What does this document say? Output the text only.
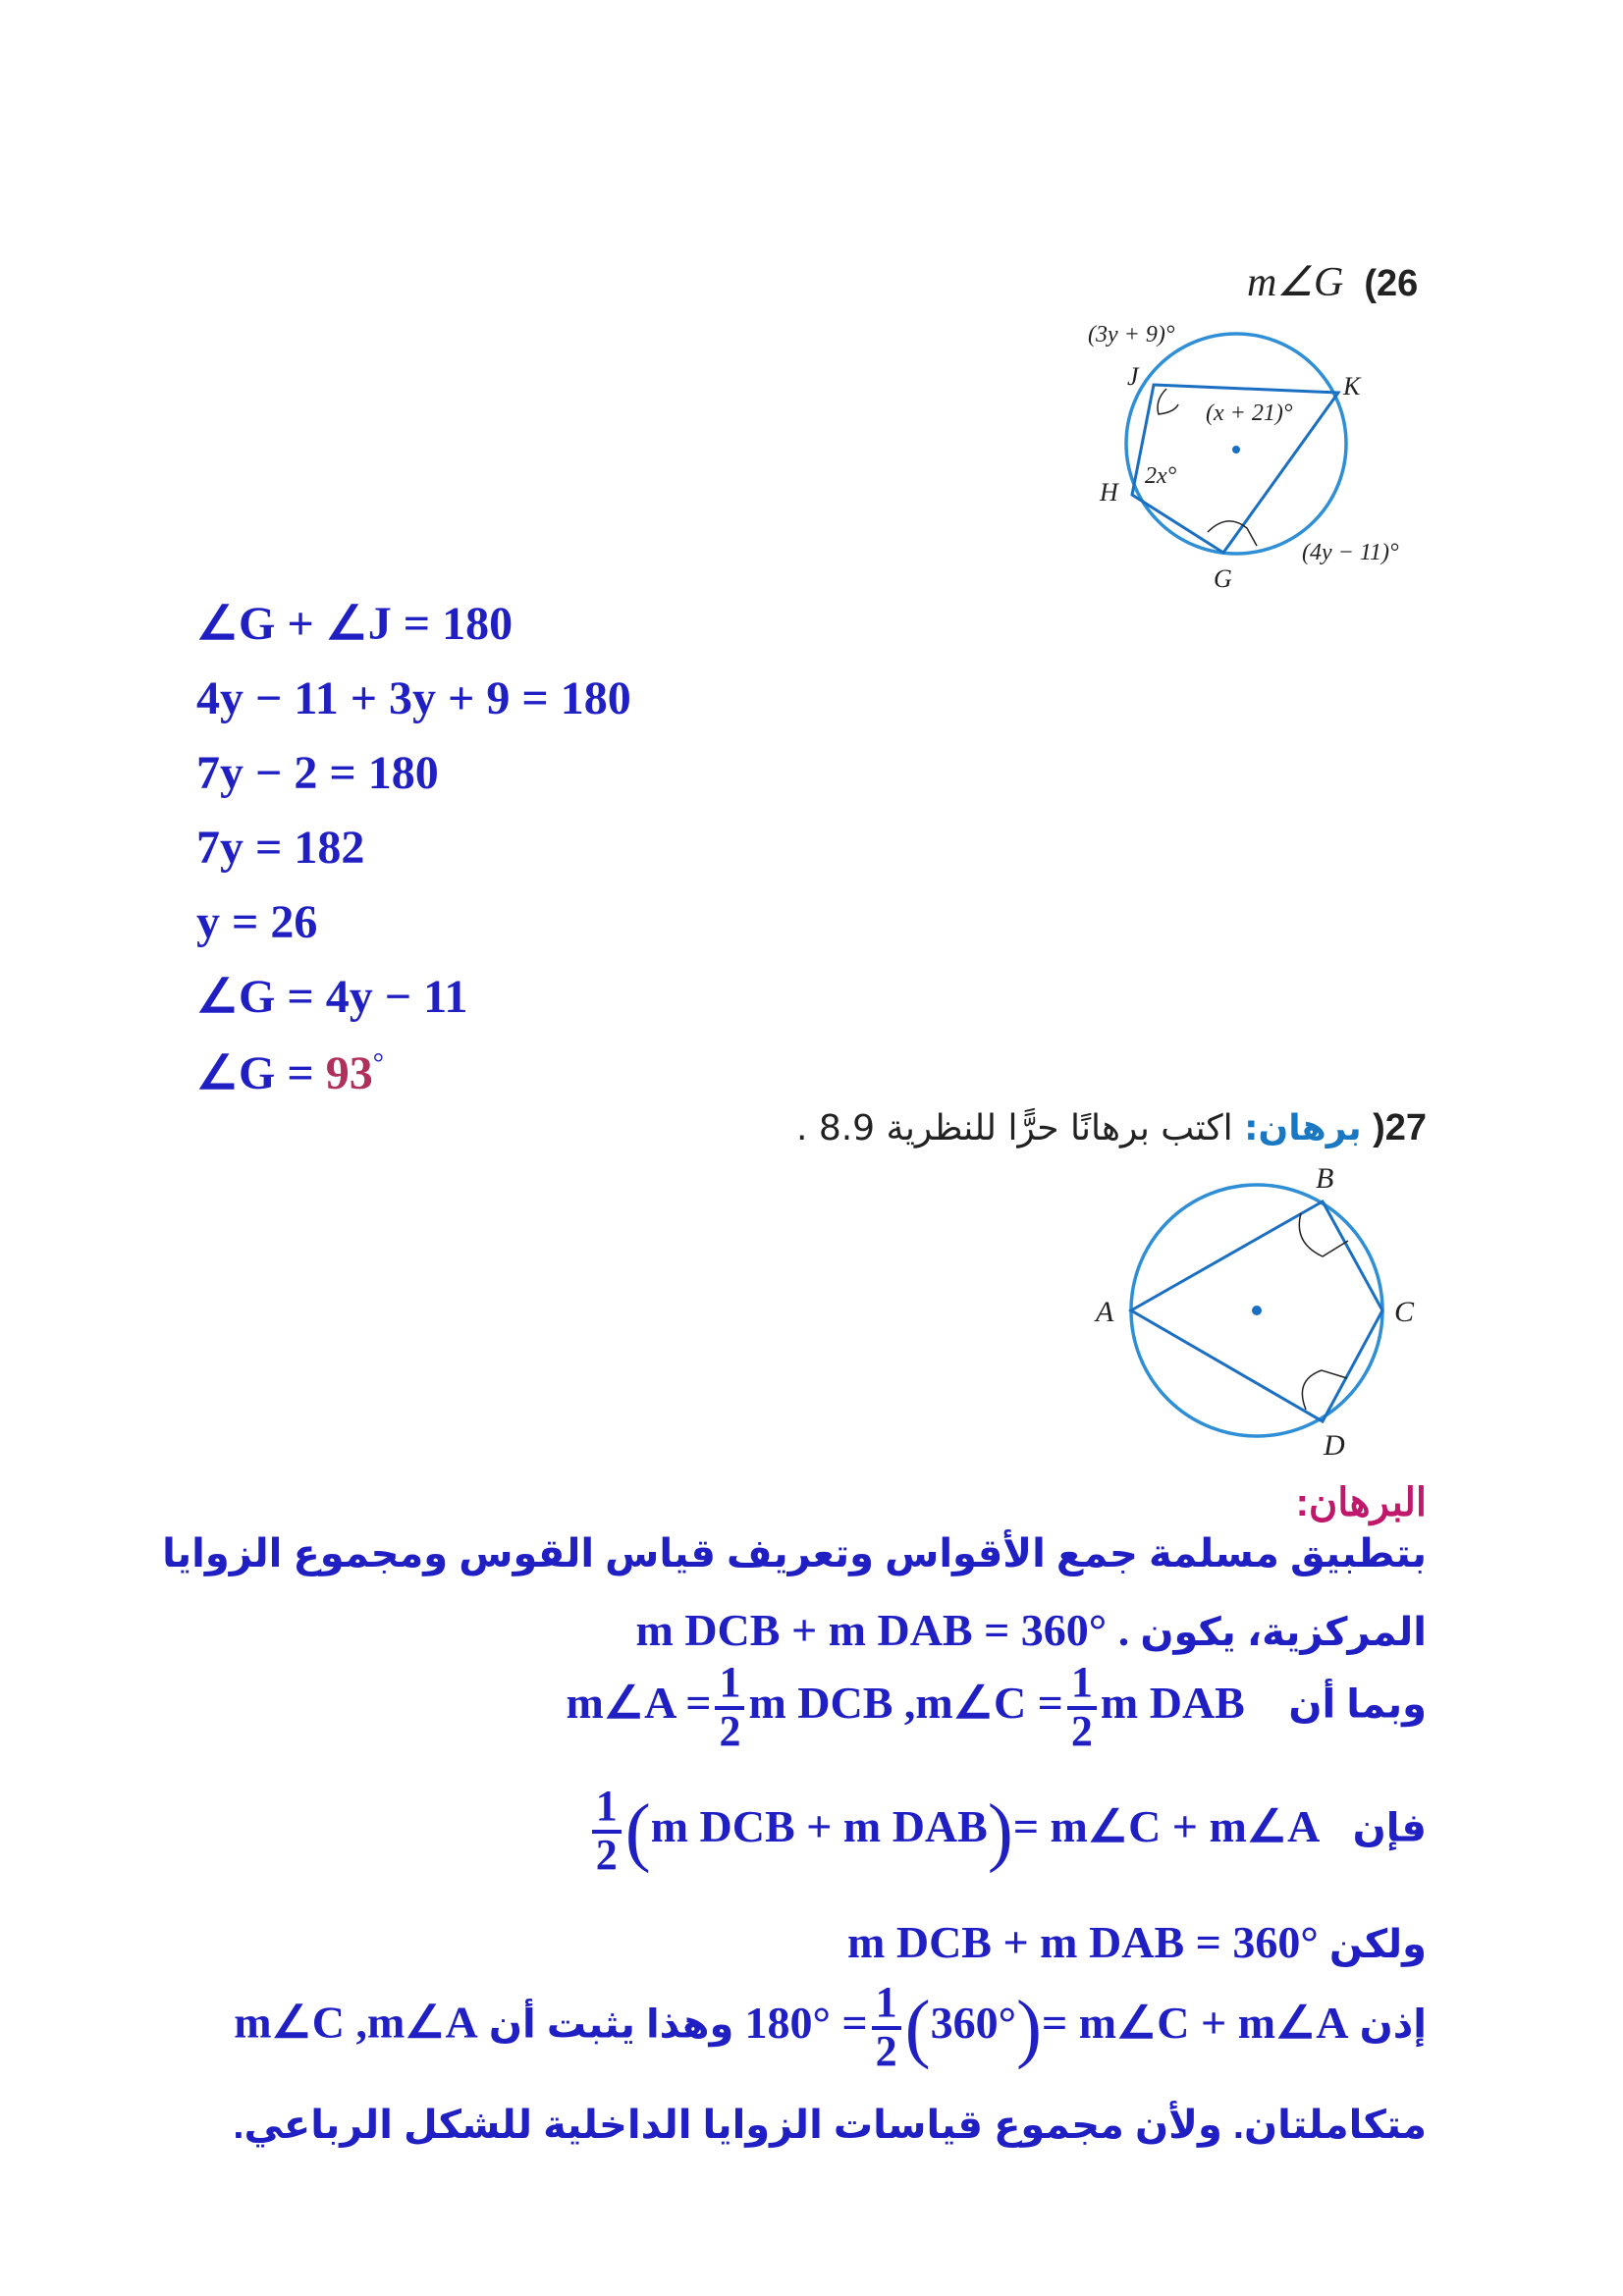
m∠G (26
(3y + 9)°
J	K
(x + 21)°
2x°
H
(4y − 11)°
G
∠G + ∠J = 180
4y − 11 + 3y + 9 = 180
7y − 2 = 180
7y = 182
y = 26
∠G = 4y − 11
∠G = 93°
27( برهان: اكتب برهانًا حرًّا للنظرية 8.9 .
B
A	C
D
البرهان:
بتطبيق مسلمة جمع الأقواس وتعريف قياس القوس ومجموع الزوايا
المركزية، يكون m DCB + m DAB = 360° .
وبما أن    m∠A = $\frac{1}{2}$ m DCB ,m∠C = $\frac{1}{2}$ m DAB
فإن
$\frac{1}{2} (m$ DCB + m DAB)= m∠C + m∠A
ولكن m DCB + m DAB = 360°
إذن $180^\circ = \frac{1}{2} (360^\circ)=$ m∠C + m∠A وهذا يثبت أن m∠C ,m∠A
متكاملتان. ولأن مجموع قياسات الزوايا الداخلية للشكل الرباعي.
